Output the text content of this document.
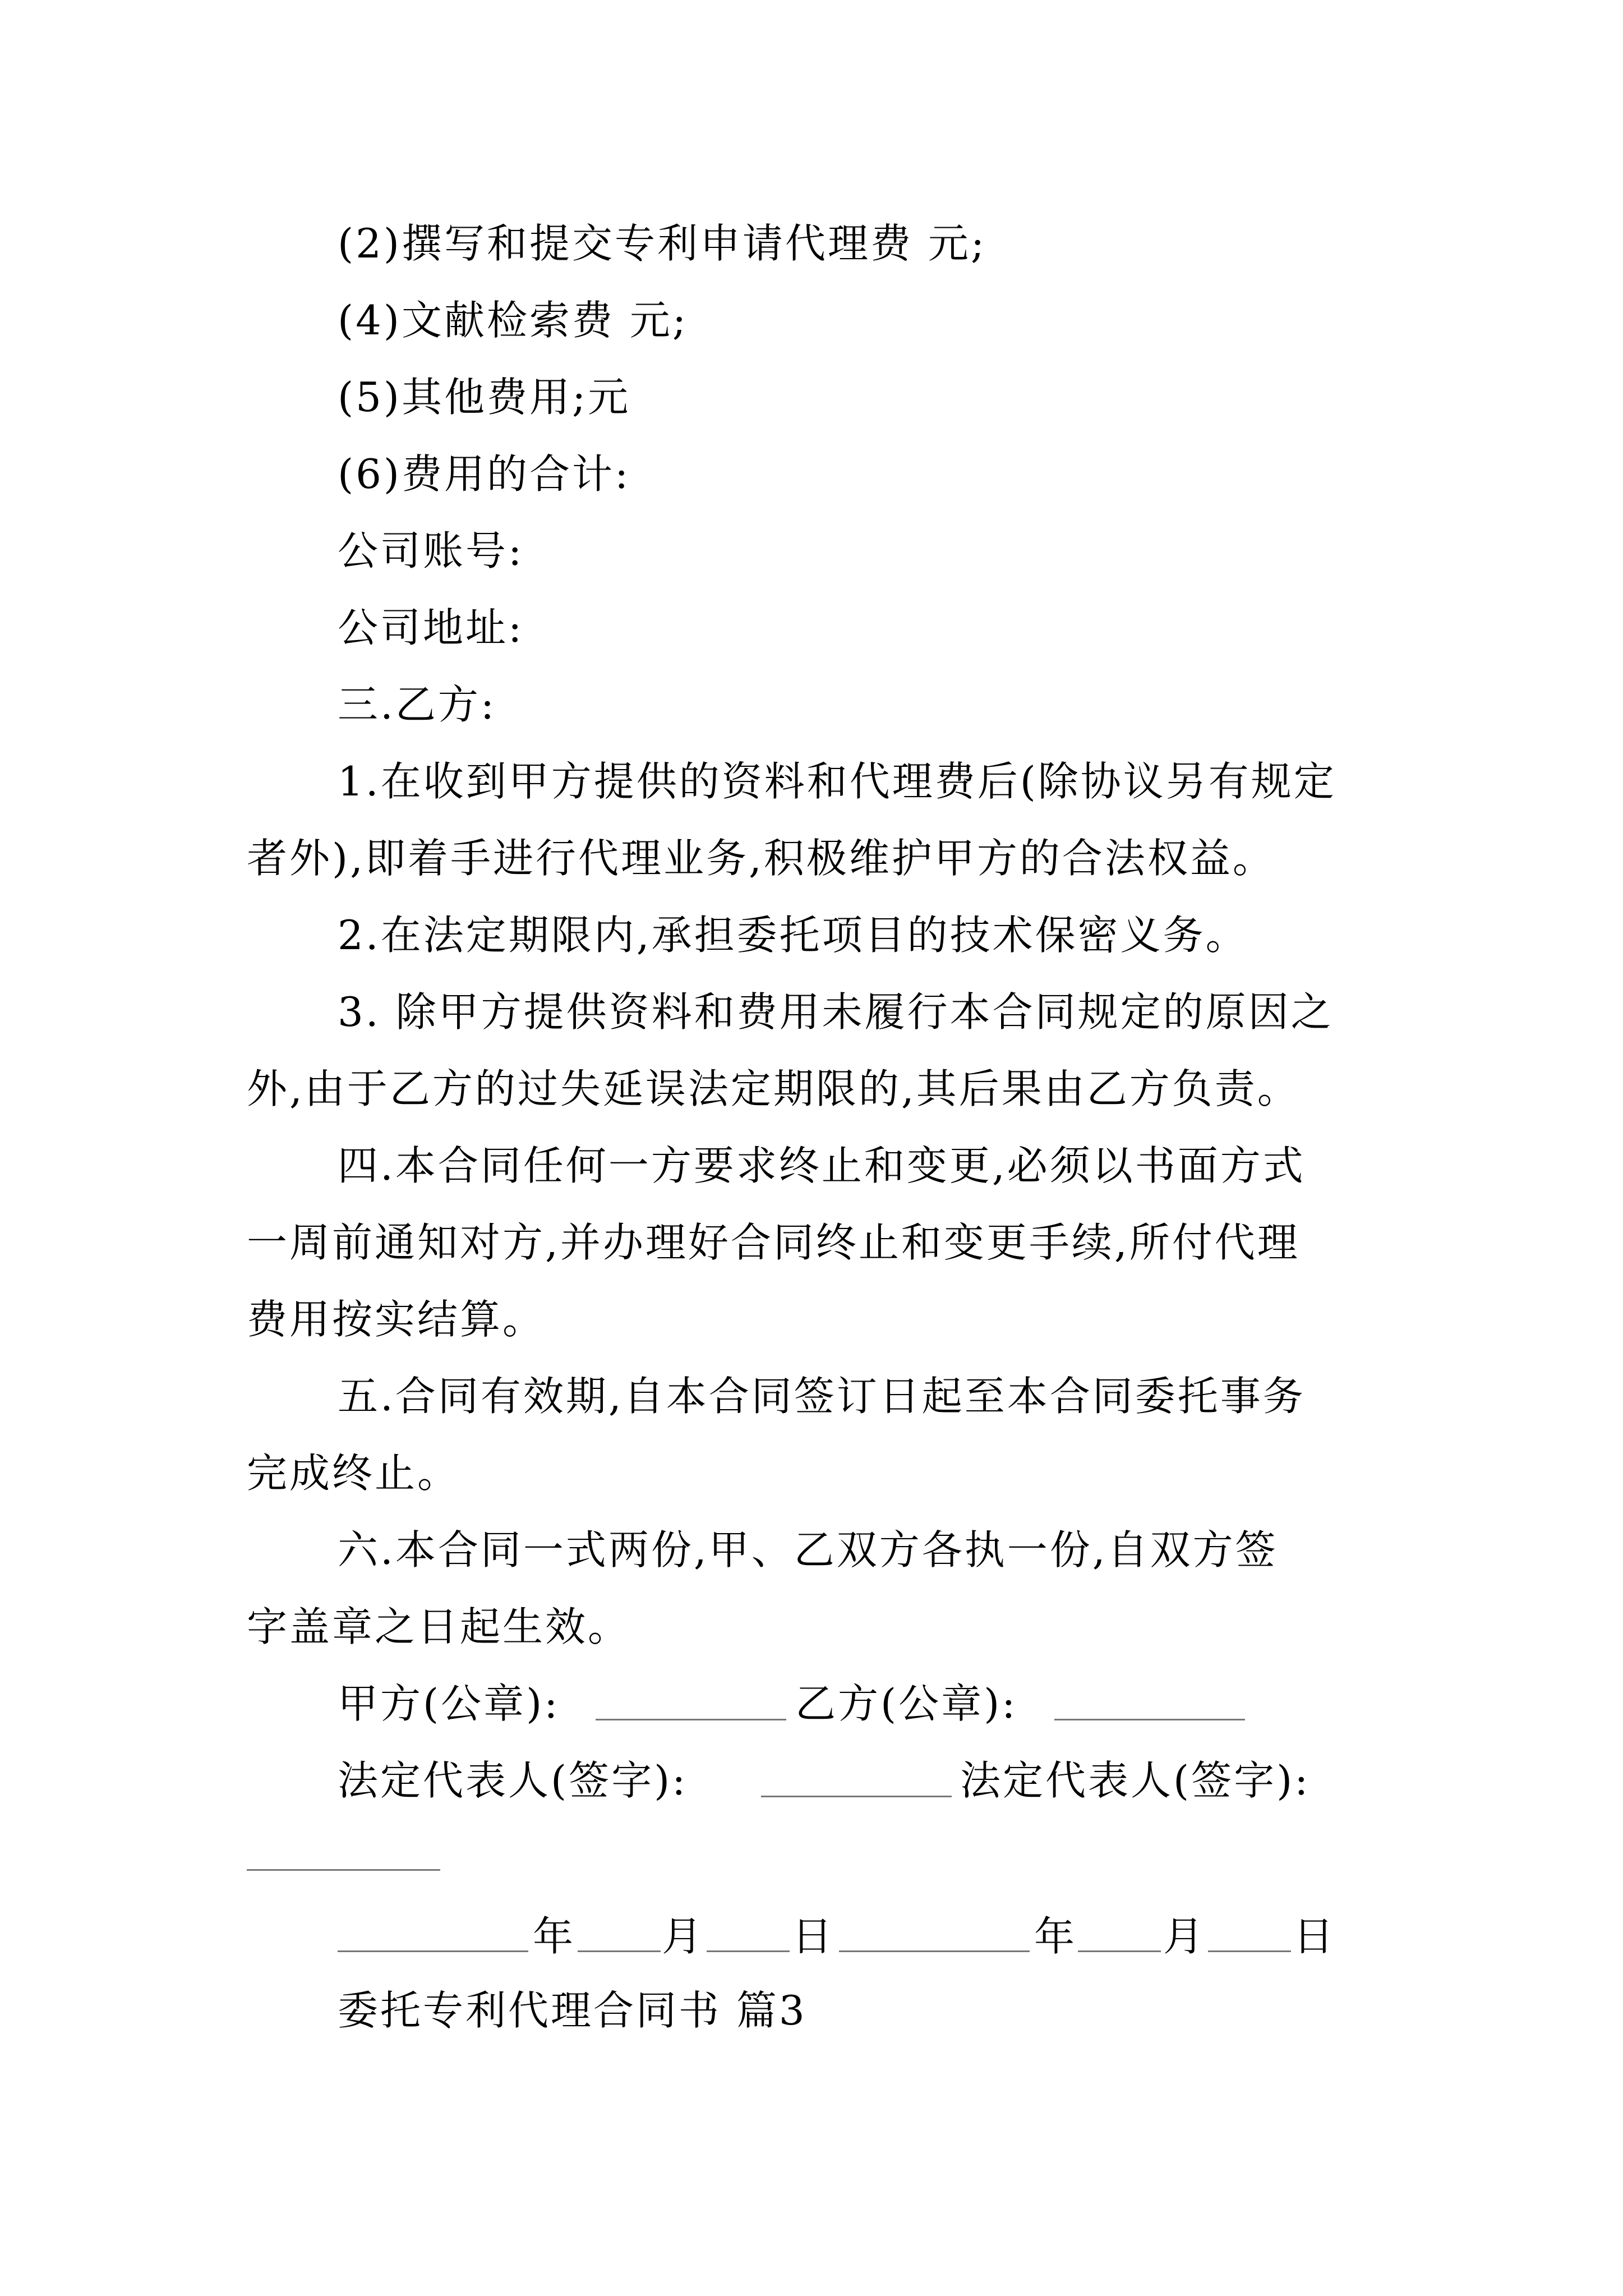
(2)撰写和提交专利申请代理费 元;
(4)文献检索费 元;
(5)其他费用;元
(6)费用的合计:
公司账号:
公司地址:
三.乙方:
1.在收到甲方提供的资料和代理费后(除协议另有规定
者外),即着手进行代理业务,积极维护甲方的合法权益。
2.在法定期限内,承担委托项目的技术保密义务。
3. 除甲方提供资料和费用未履行本合同规定的原因之
外,由于乙方的过失延误法定期限的,其后果由乙方负责。
四.本合同任何一方要求终止和变更,必须以书面方式
一周前通知对方,并办理好合同终止和变更手续,所付代理
费用按实结算。
五.合同有效期,自本合同签订日起至本合同委托事务
完成终止。
六.本合同一式两份,甲、乙双方各执一份,自双方签
字盖章之日起生效。
甲方(公章):	乙方(公章):
法定代表人(签字):	法定代表人(签字):
年 月 日	年 月 日
委托专利代理合同书 篇3
